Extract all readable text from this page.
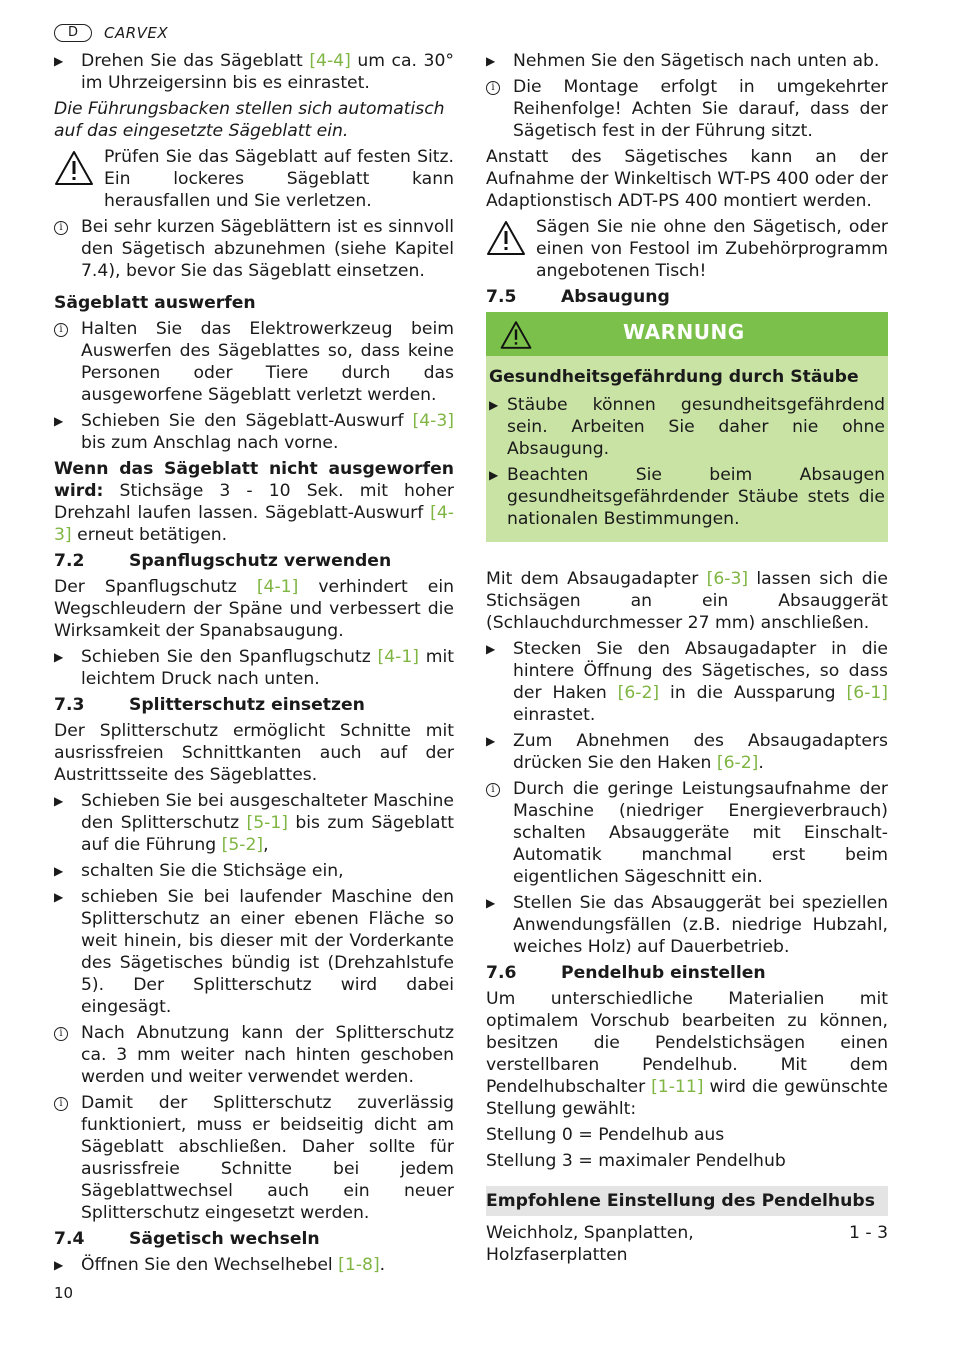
D	CARVEX
▶	Drehen Sie das Sägeblatt [4-4] um ca. 30° im Uhrzeigersinn bis es einrastet.

Die Führungsbacken stellen sich automatisch auf das eingesetzte Sägeblatt ein.

Prüfen Sie das Sägeblatt auf festen Sitz. Ein lockeres Sägeblatt kann herausfallen und Sie verletzen.
i	Bei sehr kurzen Sägeblättern ist es sinnvoll den Sägetisch abzunehmen (siehe Kapitel 7.4), bevor Sie das Sägeblatt einsetzen.

Sägeblatt auswerfen

i	Halten Sie das Elektrowerkzeug beim Auswerfen des Sägeblattes so, dass keine Personen oder Tiere durch das ausgeworfene Sägeblatt verletzt werden.
▶	Schieben Sie den Sägeblatt-Auswurf [4-3] bis zum Anschlag nach vorne.

Wenn das Sägeblatt nicht ausgeworfen wird: Stichsäge 3 - 10 Sek. mit hoher Drehzahl laufen lassen. Sägeblatt-Auswurf [4-3] erneut betätigen.

7.2	Spanflugschutz verwenden

Der Spanflugschutz [4-1] verhindert ein Wegschleudern der Späne und verbessert die Wirksamkeit der Spanabsaugung.

▶	Schieben Sie den Spanflugschutz [4-1] mit leichtem Druck nach unten.

7.3	Splitterschutz einsetzen

Der Splitterschutz ermöglicht Schnitte mit ausrissfreien Schnittkanten auch auf der Austrittsseite des Sägeblattes.

▶	Schieben Sie bei ausgeschalteter Maschine den Splitterschutz [5-1] bis zum Sägeblatt auf die Führung [5-2],
▶	schalten Sie die Stichsäge ein,
▶	schieben Sie bei laufender Maschine den Splitterschutz an einer ebenen Fläche so weit hinein, bis dieser mit der Vorderkante des Sägetisches bündig ist (Drehzahlstufe 5). Der Splitterschutz wird dabei eingesägt.
i	Nach Abnutzung kann der Splitterschutz ca. 3 mm weiter nach hinten geschoben werden und weiter verwendet werden.
i	Damit der Splitterschutz zuverlässig funktioniert, muss er beidseitig dicht am Sägeblatt abschließen. Daher sollte für ausrissfreie Schnitte bei jedem Sägeblattwechsel auch ein neuer Splitterschutz eingesetzt werden.

7.4	Sägetisch wechseln

▶	Öffnen Sie den Wechselhebel [1-8].
▶	Nehmen Sie den Sägetisch nach unten ab.
i	Die Montage erfolgt in umgekehrter Reihenfolge! Achten Sie darauf, dass der Sägetisch fest in der Führung sitzt.

Anstatt des Sägetisches kann an der Aufnahme der Winkeltisch WT-PS 400 oder der Adaptionstisch ADT-PS 400 montiert werden.

Sägen Sie nie ohne den Sägetisch, oder einen von Festool im Zubehörprogramm angebotenen Tisch!

7.5	Absaugung

WARNUNG

Gesundheitsgefährdung durch Stäube

▶ Stäube können gesundheitsgefährdend sein. Arbeiten Sie daher nie ohne Absaugung.
▶ Beachten Sie beim Absaugen gesundheitsgefährdender Stäube stets die nationalen Bestimmungen.

Mit dem Absaugadapter [6-3] lassen sich die Stichsägen an ein Absauggerät (Schlauchdurchmesser 27 mm) anschließen.

▶	Stecken Sie den Absaugadapter in die hintere Öffnung des Sägetisches, so dass der Haken [6-2] in die Aussparung [6-1] einrastet.
▶	Zum Abnehmen des Absaugadapters drücken Sie den Haken [6-2].
i	Durch die geringe Leistungsaufnahme der Maschine (niedriger Energieverbrauch) schalten Absauggeräte mit Einschalt-Automatik manchmal erst beim eigentlichen Sägeschnitt ein.
▶	Stellen Sie das Absauggerät bei speziellen Anwendungsfällen (z.B. niedrige Hubzahl, weiches Holz) auf Dauerbetrieb.

7.6	Pendelhub einstellen

Um unterschiedliche Materialien mit optimalem Vorschub bearbeiten zu können, besitzen die Pendelstichsägen einen verstellbaren Pendelhub. Mit dem Pendelhubschalter [1-11] wird die gewünschte Stellung gewählt:

Stellung 0 = Pendelhub aus

Stellung 3 = maximaler Pendelhub

Empfohlene Einstellung des Pendelhubs
Weichholz, Spanplatten, Holzfaserplatten
1 - 3
10
